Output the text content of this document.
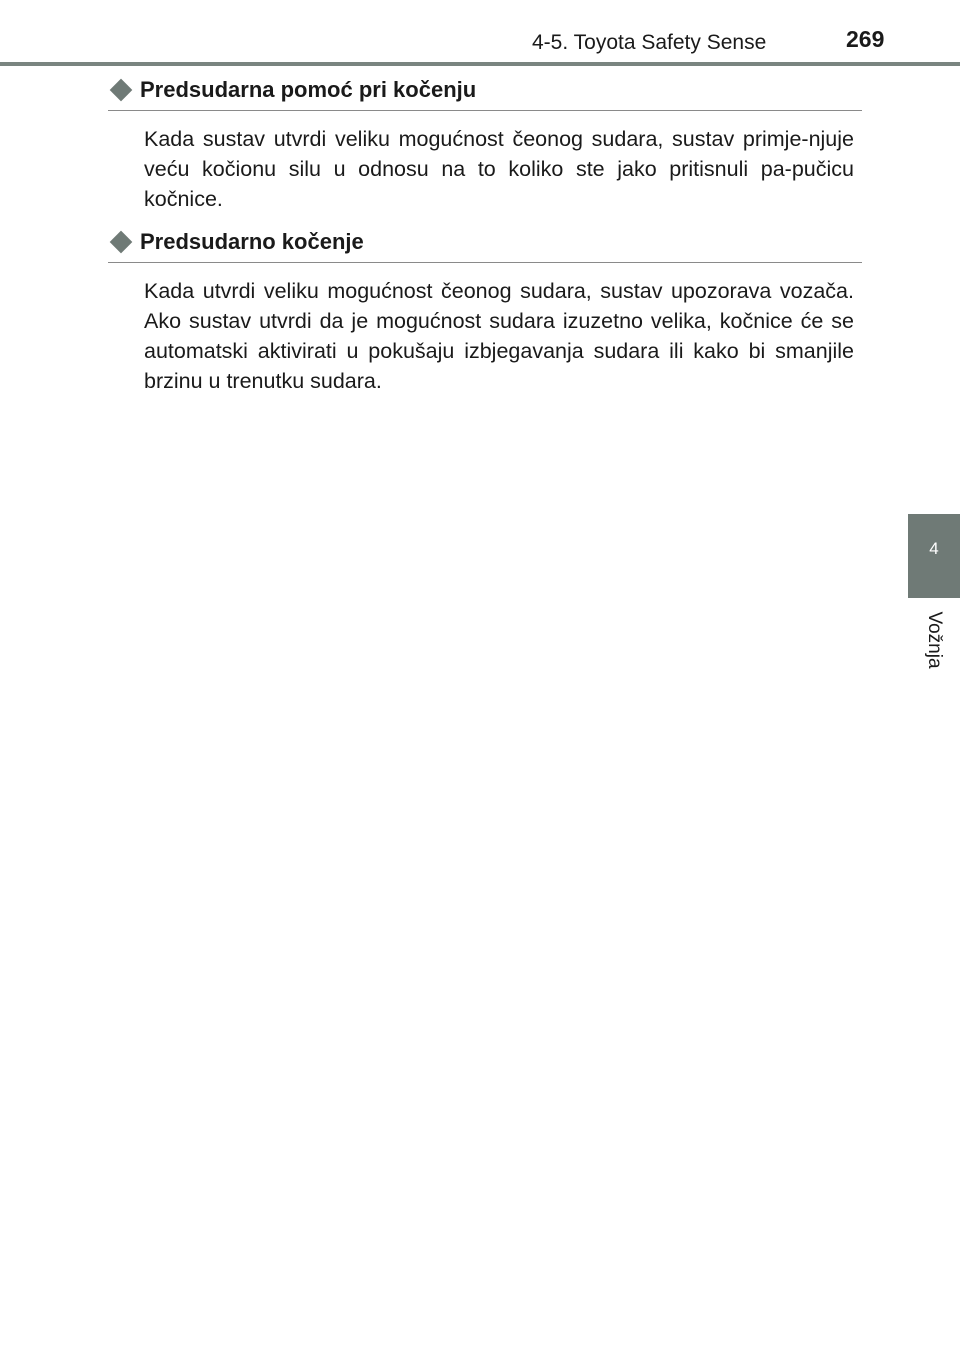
4-5. Toyota Safety Sense	269
4
Vožnja
Predsudarna pomoć pri kočenju
Kada sustav utvrdi veliku mogućnost čeonog sudara, sustav primje-njuje veću kočionu silu u odnosu na to koliko ste jako pritisnuli pa-pučicu kočnice.
Predsudarno kočenje
Kada utvrdi veliku mogućnost čeonog sudara, sustav upozorava vozača. Ako sustav utvrdi da je mogućnost sudara izuzetno velika, kočnice će se automatski aktivirati u pokušaju izbjegavanja sudara ili kako bi smanjile brzinu u trenutku sudara.
